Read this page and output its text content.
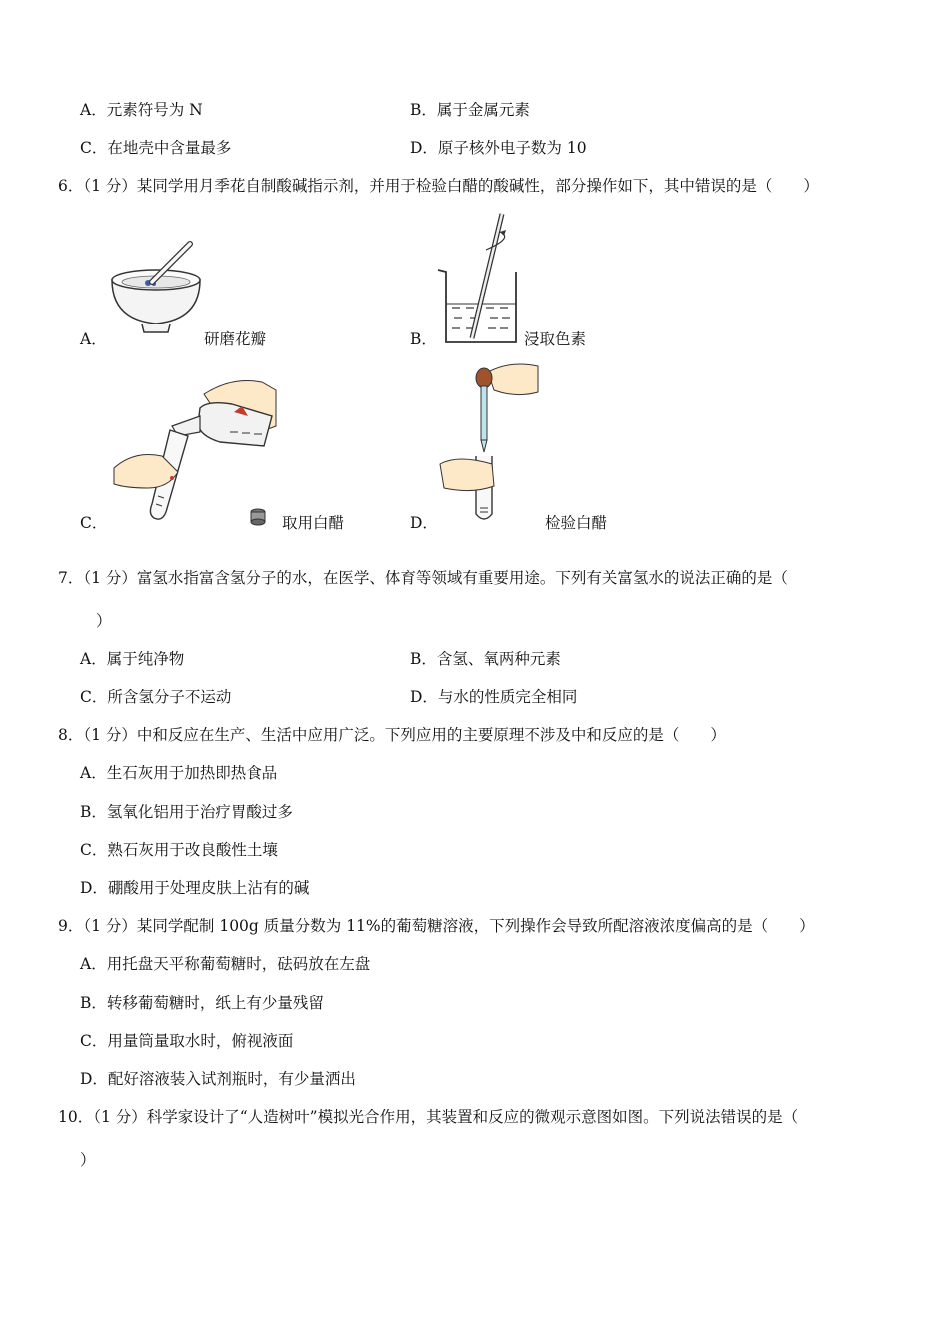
A．元素符号为 N	B．属于金属元素
C．在地壳中含量最多	D．原子核外电子数为 10
6．（1 分）某同学用月季花自制酸碱指示剂，并用于检验白醋的酸碱性，部分操作如下，其中错误的是（　　）
A．	研磨花瓣	B．	浸取色素
C．	取用白醋	D．	检验白醋
7．（1 分）富氢水指富含氢分子的水，在医学、体育等领域有重要用途。下列有关富氢水的说法正确的是（
）
A．属于纯净物	B．含氢、氧两种元素
C．所含氢分子不运动	D．与水的性质完全相同
8．（1 分）中和反应在生产、生活中应用广泛。下列应用的主要原理不涉及中和反应的是（　　）
A．生石灰用于加热即热食品
B．氢氧化铝用于治疗胃酸过多
C．熟石灰用于改良酸性土壤
D．硼酸用于处理皮肤上沾有的碱
9．（1 分）某同学配制 100g 质量分数为 11%的葡萄糖溶液，下列操作会导致所配溶液浓度偏高的是（　　）
A．用托盘天平称葡萄糖时，砝码放在左盘
B．转移葡萄糖时，纸上有少量残留
C．用量筒量取水时，俯视液面
D．配好溶液装入试剂瓶时，有少量洒出
10．（1 分）科学家设计了“人造树叶”模拟光合作用，其装置和反应的微观示意图如图。下列说法错误的是（
）
